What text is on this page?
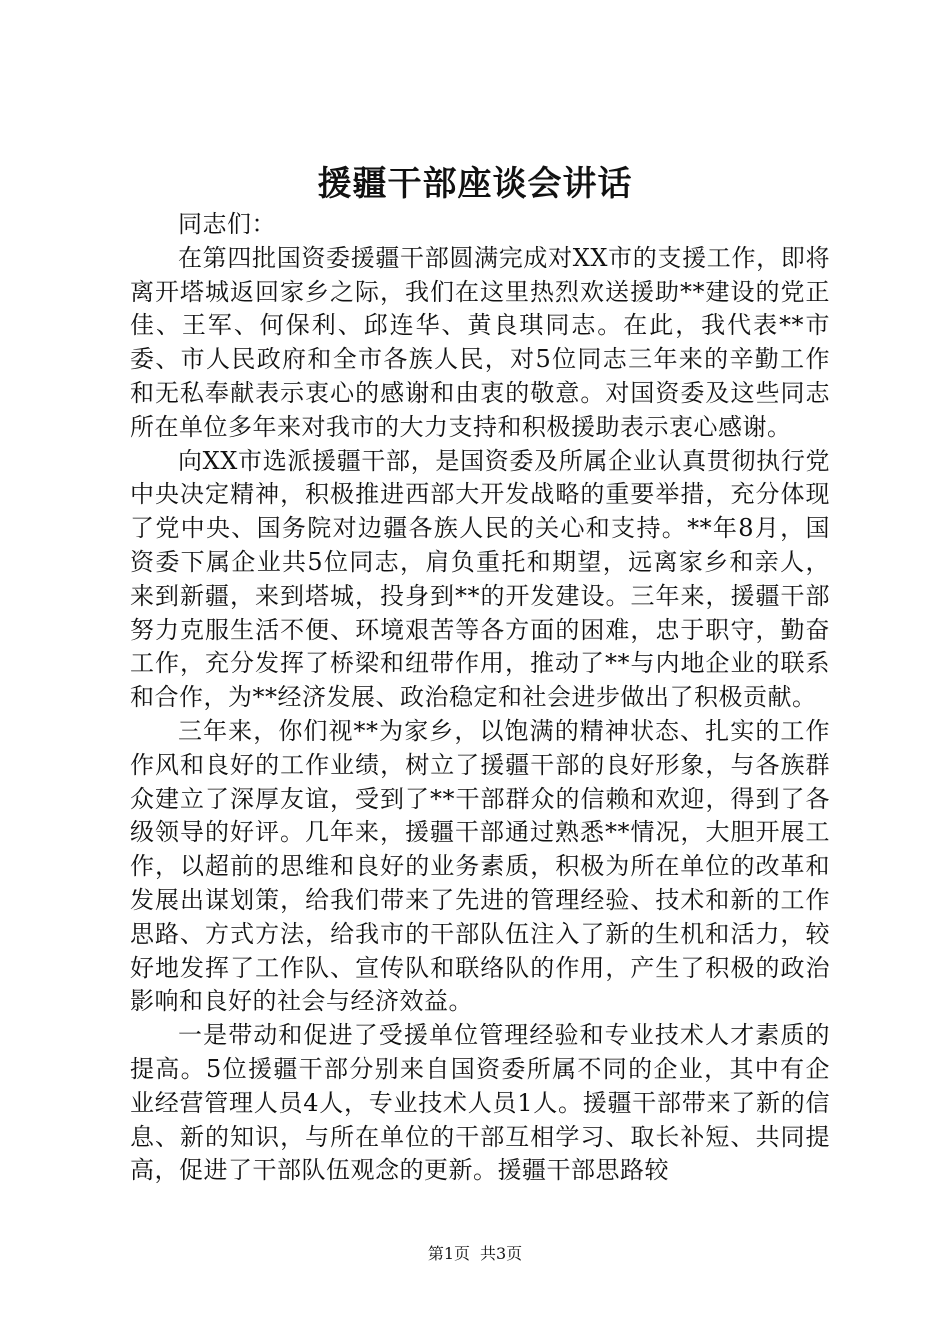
援疆干部座谈会讲话

同志们：

在第四批国资委援疆干部圆满完成对XX市的支援工作，即将离开塔城返回家乡之际，我们在这里热烈欢送援助**建设的党正佳、王军、何保利、邱连华、黄良琪同志。在此，我代表**市委、市人民政府和全市各族人民，对5位同志三年来的辛勤工作和无私奉献表示衷心的感谢和由衷的敬意。对国资委及这些同志所在单位多年来对我市的大力支持和积极援助表示衷心感谢。

向XX市选派援疆干部，是国资委及所属企业认真贯彻执行党中央决定精神，积极推进西部大开发战略的重要举措，充分体现了党中央、国务院对边疆各族人民的关心和支持。**年8月，国资委下属企业共5位同志，肩负重托和期望，远离家乡和亲人，来到新疆，来到塔城，投身到**的开发建设。三年来，援疆干部努力克服生活不便、环境艰苦等各方面的困难，忠于职守，勤奋工作，充分发挥了桥梁和纽带作用，推动了**与内地企业的联系和合作，为**经济发展、政治稳定和社会进步做出了积极贡献。

三年来，你们视**为家乡，以饱满的精神状态、扎实的工作作风和良好的工作业绩，树立了援疆干部的良好形象，与各族群众建立了深厚友谊，受到了**干部群众的信赖和欢迎，得到了各级领导的好评。几年来，援疆干部通过熟悉**情况，大胆开展工作，以超前的思维和良好的业务素质，积极为所在单位的改革和发展出谋划策，给我们带来了先进的管理经验、技术和新的工作思路、方式方法，给我市的干部队伍注入了新的生机和活力，较好地发挥了工作队、宣传队和联络队的作用，产生了积极的政治影响和良好的社会与经济效益。

一是带动和促进了受援单位管理经验和专业技术人才素质的提高。5位援疆干部分别来自国资委所属不同的企业，其中有企业经营管理人员4人，专业技术人员1人。援疆干部带来了新的信息、新的知识，与所在单位的干部互相学习、取长补短、共同提高，促进了干部队伍观念的更新。援疆干部思路较

第1页 共3页
